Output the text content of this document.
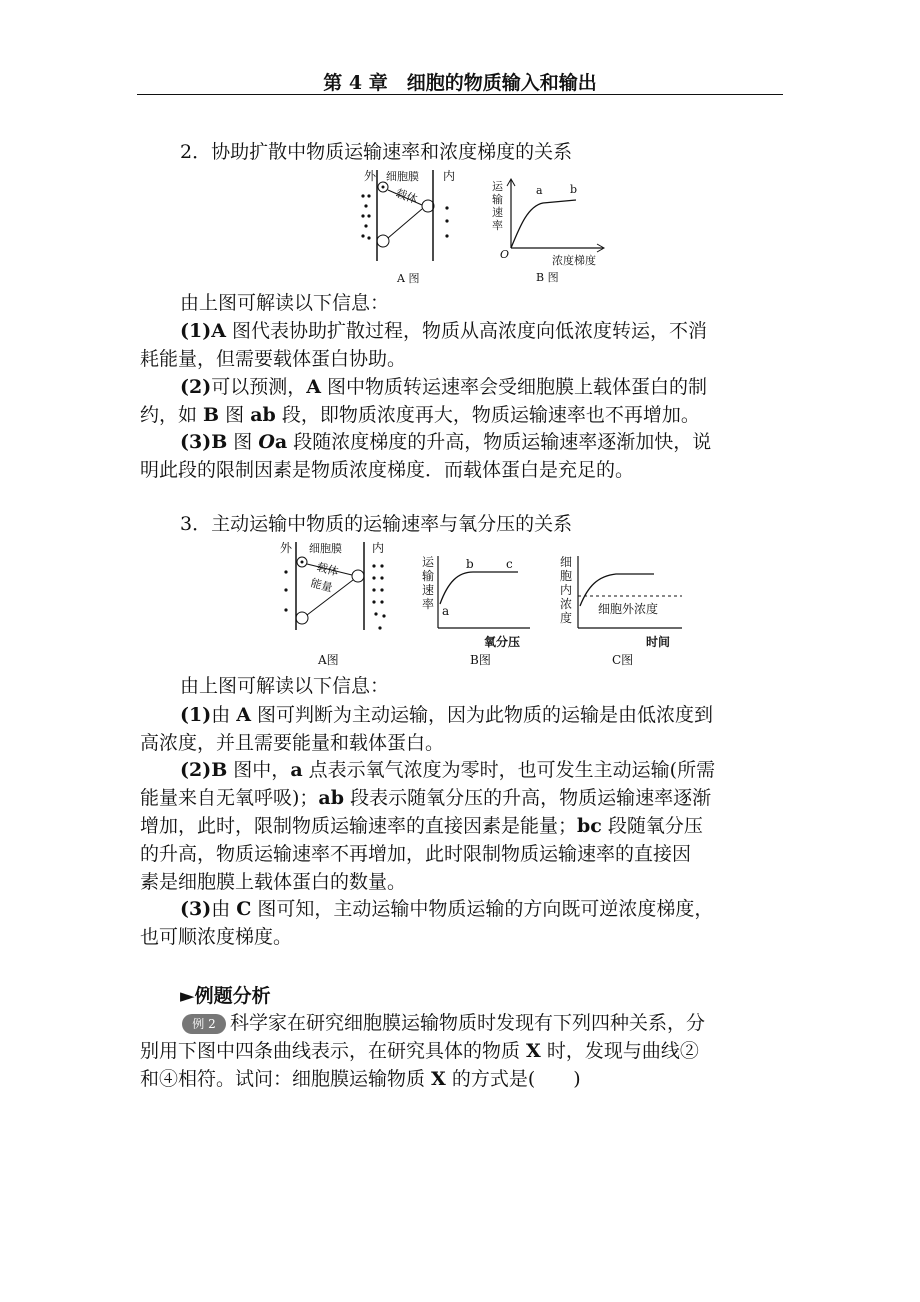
第 4 章　细胞的物质输入和输出
2．协助扩散中物质运输速率和浓度梯度的关系
外 细胞膜 内
载体
A 图
运
输
速
率
a b
O	浓度梯度
B 图
由上图可解读以下信息：
(1)A 图代表协助扩散过程，物质从高浓度向低浓度转运，不消
耗能量，但需要载体蛋白协助。
(2)可以预测，A 图中物质转运速率会受细胞膜上载体蛋白的制
约，如 B 图 ab 段，即物质浓度再大，物质运输速率也不再增加。
(3)B 图 Oa 段随浓度梯度的升高，物质运输速率逐渐加快，说
明此段的限制因素是物质浓度梯度．而载体蛋白是充足的。
3．主动运输中物质的运输速率与氧分压的关系
外 细胞膜	内
载体
能量
A图
运
输
速
率 a
b	c
氧分压
B图
细
胞
内
浓
度
细胞外浓度
时间
C图
由上图可解读以下信息：
(1)由 A 图可判断为主动运输，因为此物质的运输是由低浓度到
高浓度，并且需要能量和载体蛋白。
(2)B 图中，a 点表示氧气浓度为零时，也可发生主动运输(所需
能量来自无氧呼吸)；ab 段表示随氧分压的升高，物质运输速率逐渐
增加，此时，限制物质运输速率的直接因素是能量；bc 段随氧分压
的升高，物质运输速率不再增加，此时限制物质运输速率的直接因
素是细胞膜上载体蛋白的数量。
(3)由 C 图可知，主动运输中物质运输的方向既可逆浓度梯度，
也可顺浓度梯度。
►例题分析
例 2 科学家在研究细胞膜运输物质时发现有下列四种关系，分
别用下图中四条曲线表示，在研究具体的物质 X 时，发现与曲线②
和④相符。试问：细胞膜运输物质 X 的方式是(　　)
